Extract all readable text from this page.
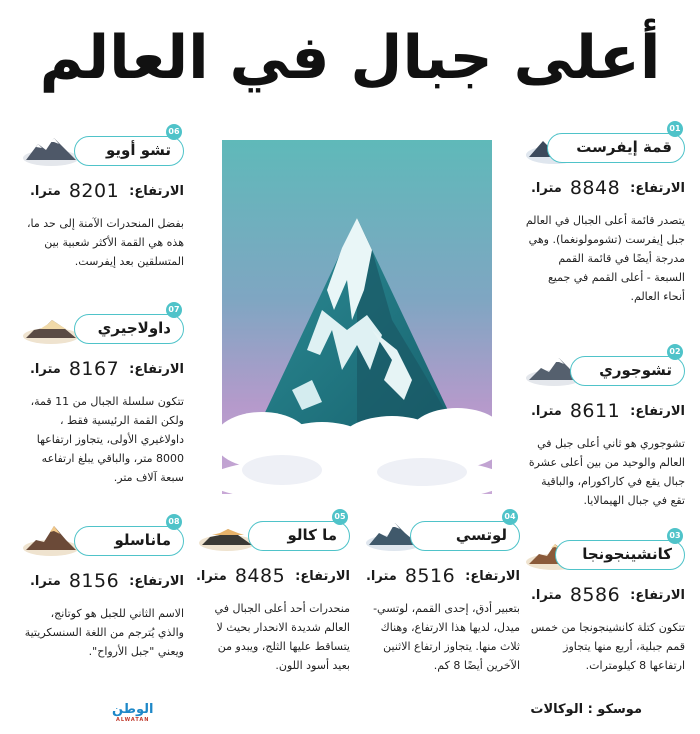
أعلى جبال في العالم
قمة إيفرست
01
الارتفاع:
8848
مترا.
يتصدر قائمة أعلى الجبال في العالم جبل إيفرست (تشومولونغما). وهي مدرجة أيضًا في قائمة القمم السبعة - أعلى القمم في جميع أنحاء العالم.
تشوجوري
02
الارتفاع:
8611
مترا.
تشوجوري هو ثاني أعلى جبل في العالم والوحيد من بين أعلى عشرة جبال يقع في كاراكورام، والباقية تقع في جبال الهيمالايا.
كانشينجونجا
03
الارتفاع:
8586
مترا.
تتكون كتلة كانشينجونجا من خمس قمم جبلية، أربع منها يتجاوز ارتفاعها 8 كيلومترات.
لوتسي
04
الارتفاع:
8516
مترا.
بتعبير أدق، إحدى القمم، لوتسي-ميدل، لديها هذا الارتفاع، وهناك ثلاث منها. يتجاوز ارتفاع الاثنين الآخرين أيضًا 8 كم.
ما كالو
05
الارتفاع:
8485
مترا.
منحدرات أحد أعلى الجبال في العالم شديدة الانحدار بحيث لا يتساقط عليها الثلج، ويبدو من بعيد أسود اللون.
تشو أويو
06
الارتفاع:
8201
مترا.
بفضل المنحدرات الآمنة إلى حد ما، هذه هي القمة الأكثر شعبية بين المتسلقين بعد إيفرست.
داولاجيري
07
الارتفاع:
8167
مترا.
تتكون سلسلة الجبال من 11 قمة، ولكن القمة الرئيسية فقط ، داولاغيري الأولى، يتجاوز ارتفاعها 8000 متر، والباقي يبلغ ارتفاعه سبعة آلاف متر.
ماناسلو
08
الارتفاع:
8156
مترا.
الاسم الثاني للجبل هو كوتانج، والذي يُترجم من اللغة السنسكريتية ويعني "جبل الأرواح".
الوطن
ALWATAN
موسكو : الوكالات
